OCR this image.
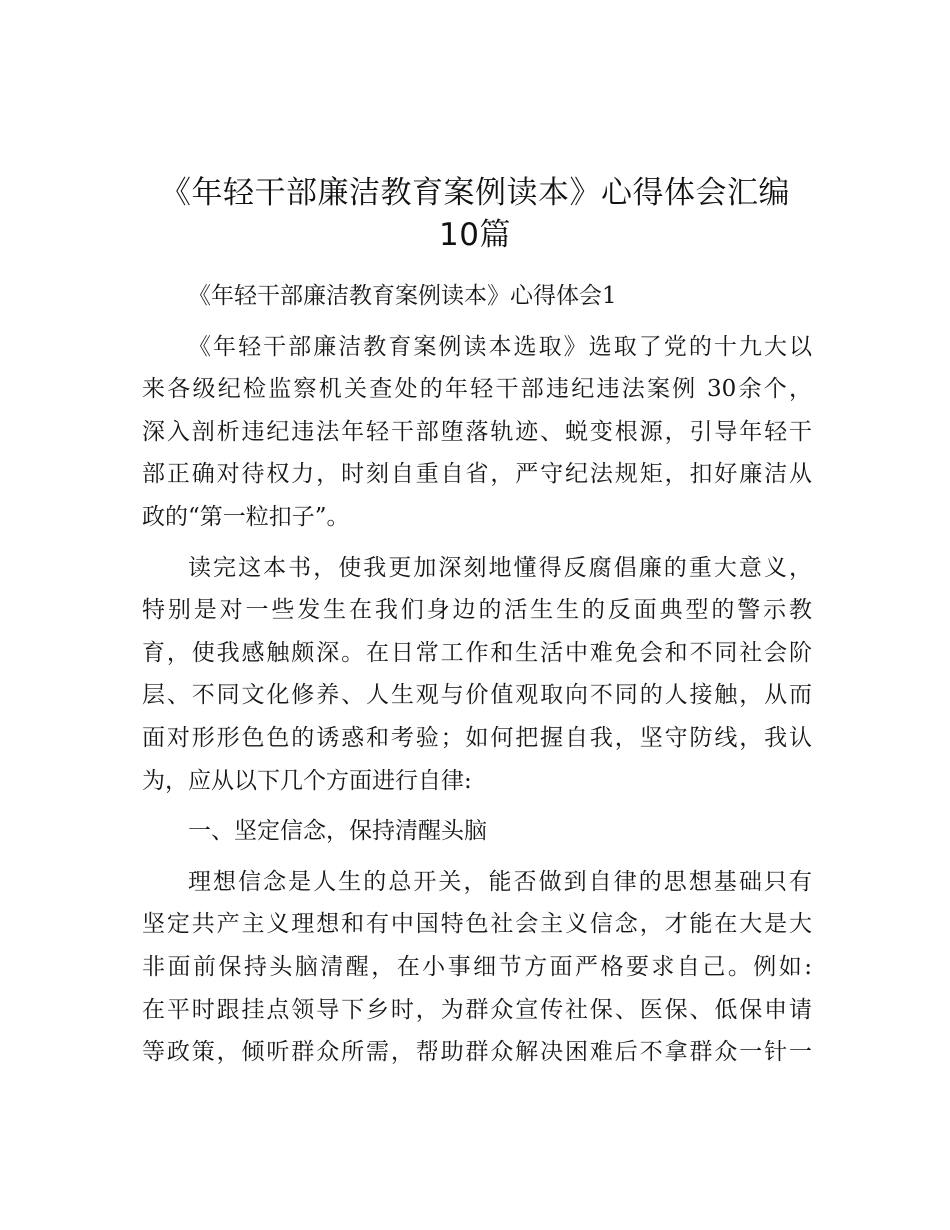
《年轻干部廉洁教育案例读本》心得体会汇编
10篇

《年轻干部廉洁教育案例读本》心得体会1

《年轻干部廉洁教育案例读本选取》选取了党的十九大以
来各级纪检监察机关查处的年轻干部违纪违法案例 30余个，
深入剖析违纪违法年轻干部堕落轨迹、蜕变根源，引导年轻干
部正确对待权力，时刻自重自省，严守纪法规矩，扣好廉洁从
政的“第一粒扣子”。

读完这本书，使我更加深刻地懂得反腐倡廉的重大意义，
特别是对一些发生在我们身边的活生生的反面典型的警示教
育，使我感触颇深。在日常工作和生活中难免会和不同社会阶
层、不同文化修养、人生观与价值观取向不同的人接触，从而
面对形形色色的诱惑和考验；如何把握自我，坚守防线，我认
为，应从以下几个方面进行自律:

一、坚定信念，保持清醒头脑

理想信念是人生的总开关，能否做到自律的思想基础只有
坚定共产主义理想和有中国特色社会主义信念，才能在大是大
非面前保持头脑清醒，在小事细节方面严格要求自己。例如:
在平时跟挂点领导下乡时，为群众宣传社保、医保、低保申请
等政策，倾听群众所需，帮助群众解决困难后不拿群众一针一
